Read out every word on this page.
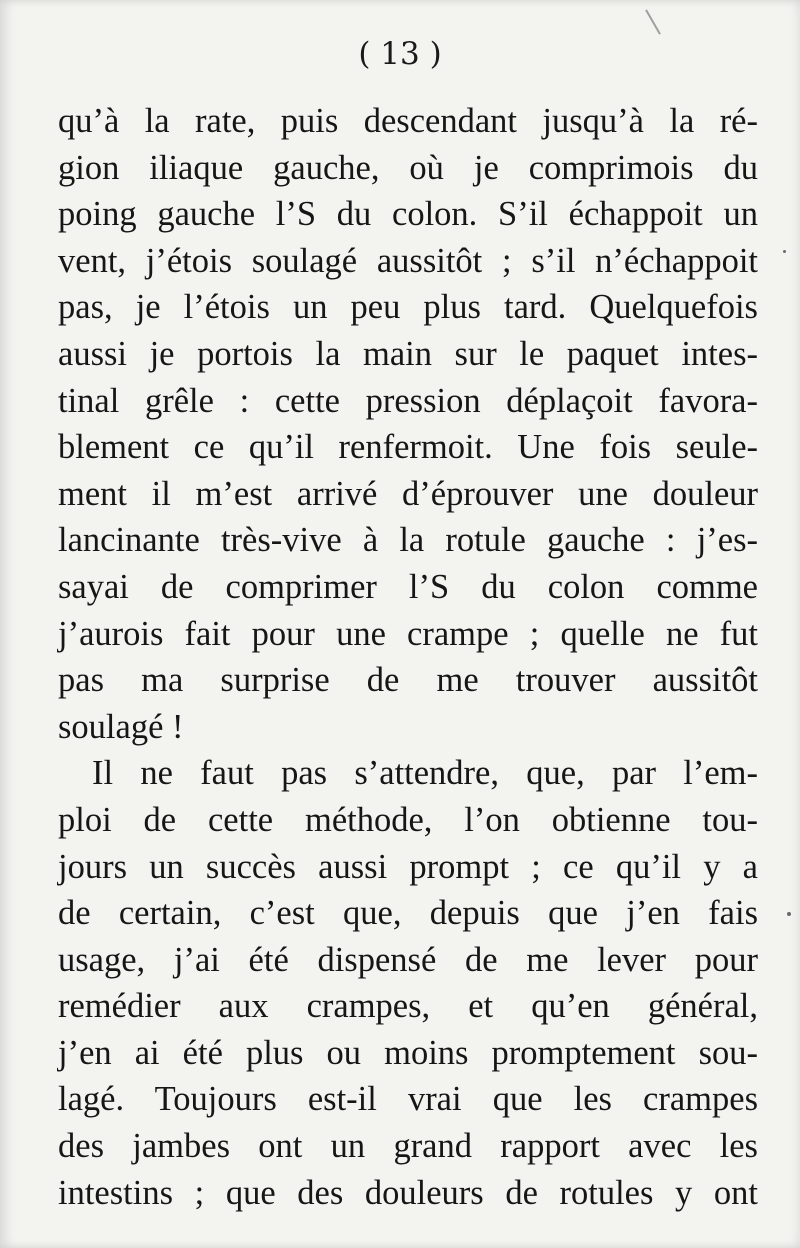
( 13 )
qu’à la rate, puis descendant jusqu’à la ré-
gion iliaque gauche, où je comprimois du
poing gauche l’S du colon. S’il échappoit un
vent, j’étois soulagé aussitôt ; s’il n’échappoit
pas, je l’étois un peu plus tard. Quelquefois
aussi je portois la main sur le paquet intes-
tinal grêle : cette pression déplaçoit favora-
blement ce qu’il renfermoit. Une fois seule-
ment il m’est arrivé d’éprouver une douleur
lancinante très-vive à la rotule gauche : j’es-
sayai de comprimer l’S du colon comme
j’aurois fait pour une crampe ; quelle ne fut
pas ma surprise de me trouver aussitôt
soulagé !
Il ne faut pas s’attendre, que, par l’em-
ploi de cette méthode, l’on obtienne tou-
jours un succès aussi prompt ; ce qu’il y a
de certain, c’est que, depuis que j’en fais
usage, j’ai été dispensé de me lever pour
remédier aux crampes, et qu’en général,
j’en ai été plus ou moins promptement sou-
lagé. Toujours est-il vrai que les crampes
des jambes ont un grand rapport avec les
intestins ; que des douleurs de rotules y ont
